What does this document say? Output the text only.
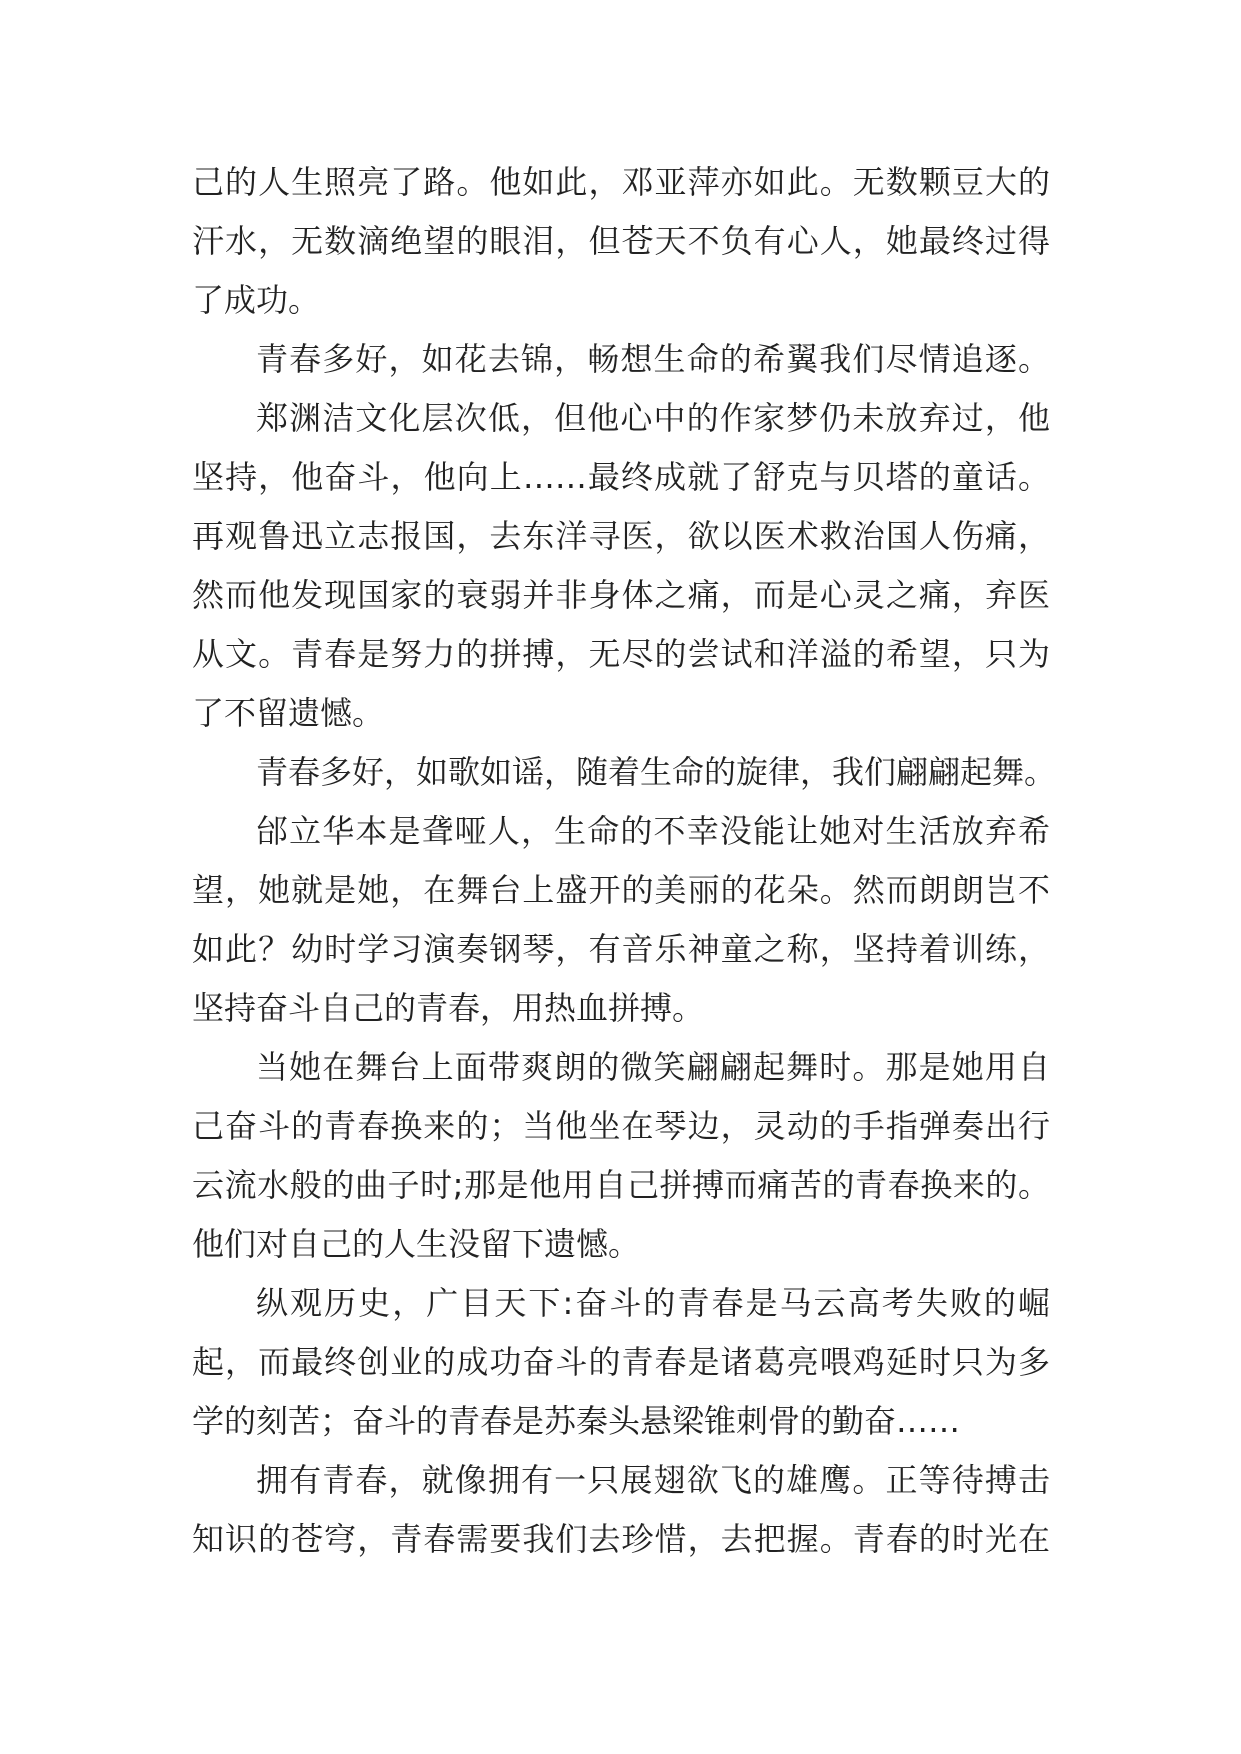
己的人生照亮了路。他如此，邓亚萍亦如此。无数颗豆大的
汗水，无数滴绝望的眼泪，但苍天不负有心人，她最终过得
了成功。
青春多好，如花去锦，畅想生命的希翼我们尽情追逐。
郑渊洁文化层次低，但他心中的作家梦仍未放弃过，他
坚持，他奋斗，他向上……最终成就了舒克与贝塔的童话。
再观鲁迅立志报国，去东洋寻医，欲以医术救治国人伤痛，
然而他发现国家的衰弱并非身体之痛，而是心灵之痛，弃医
从文。青春是努力的拼搏，无尽的尝试和洋溢的希望，只为
了不留遗憾。
青春多好，如歌如谣，随着生命的旋律，我们翩翩起舞。
邰立华本是聋哑人，生命的不幸没能让她对生活放弃希
望，她就是她，在舞台上盛开的美丽的花朵。然而朗朗岂不
如此？幼时学习演奏钢琴，有音乐神童之称，坚持着训练，
坚持奋斗自己的青春，用热血拼搏。
当她在舞台上面带爽朗的微笑翩翩起舞时。那是她用自
己奋斗的青春换来的；当他坐在琴边，灵动的手指弹奏出行
云流水般的曲子时;那是他用自己拼搏而痛苦的青春换来的。
他们对自己的人生没留下遗憾。
纵观历史，广目天下:奋斗的青春是马云高考失败的崛
起，而最终创业的成功奋斗的青春是诸葛亮喂鸡延时只为多
学的刻苦；奋斗的青春是苏秦头悬梁锥刺骨的勤奋……
拥有青春，就像拥有一只展翅欲飞的雄鹰。正等待搏击
知识的苍穹，青春需要我们去珍惜，去把握。青春的时光在
